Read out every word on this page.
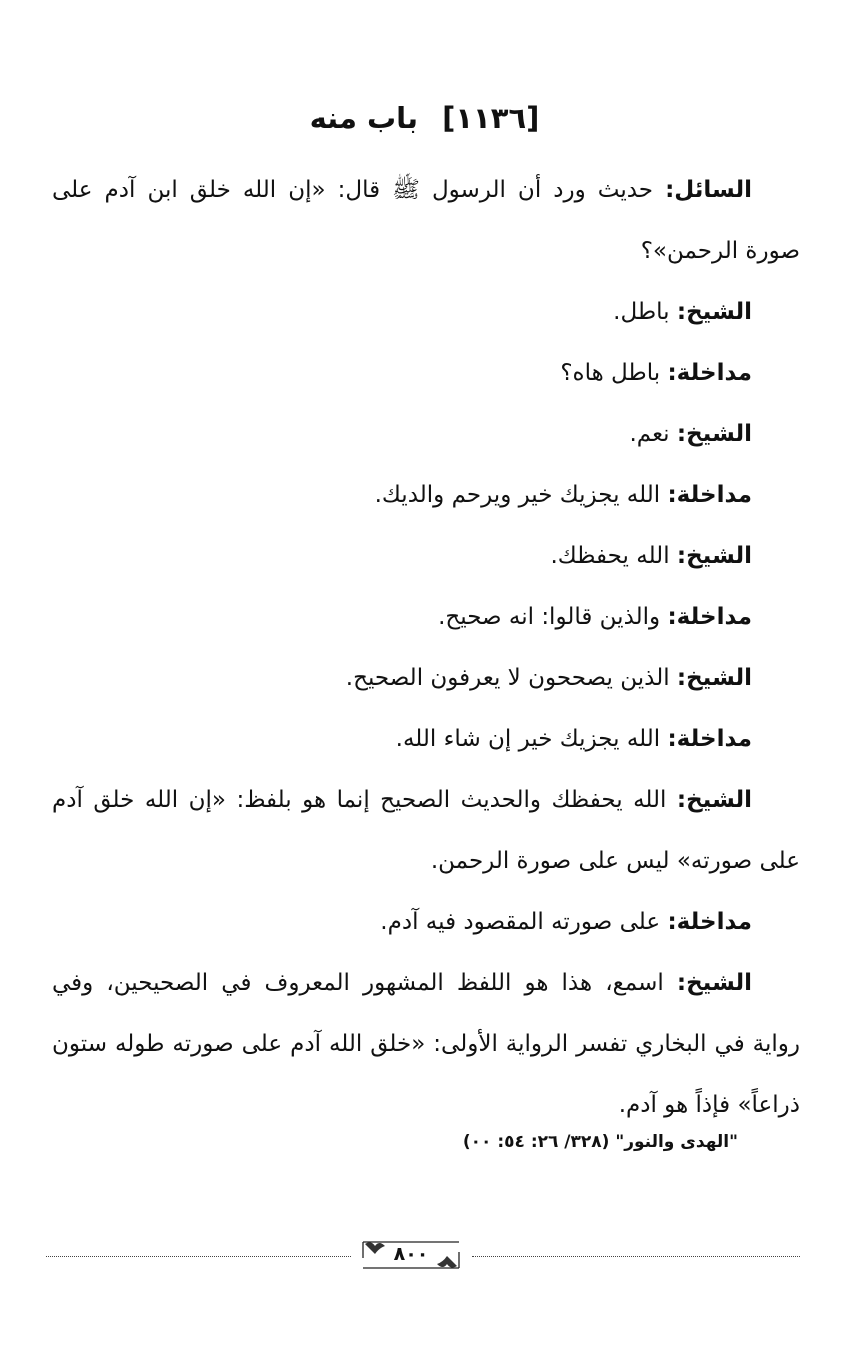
[١١٣٦] باب منه

السائل: حديث ورد أن الرسول ﷺ قال: «إن الله خلق ابن آدم على صورة الرحمن»؟

الشيخ: باطل.

مداخلة: باطل هاه؟

الشيخ: نعم.

مداخلة: الله يجزيك خير ويرحم والديك.

الشيخ: الله يحفظك.

مداخلة: والذين قالوا: انه صحيح.

الشيخ: الذين يصححون لا يعرفون الصحيح.

مداخلة: الله يجزيك خير إن شاء الله.

الشيخ: الله يحفظك والحديث الصحيح إنما هو بلفظ: «إن الله خلق آدم على صورته» ليس على صورة الرحمن.

مداخلة: على صورته المقصود فيه آدم.

الشيخ: اسمع، هذا هو اللفظ المشهور المعروف في الصحيحين، وفي رواية في البخاري تفسر الرواية الأولى: «خلق الله آدم على صورته طوله ستون ذراعاً» فإذاً هو آدم.

"الهدى والنور" (٣٢٨/ ٢٦: ٥٤: ٠٠)
٨٠٠
